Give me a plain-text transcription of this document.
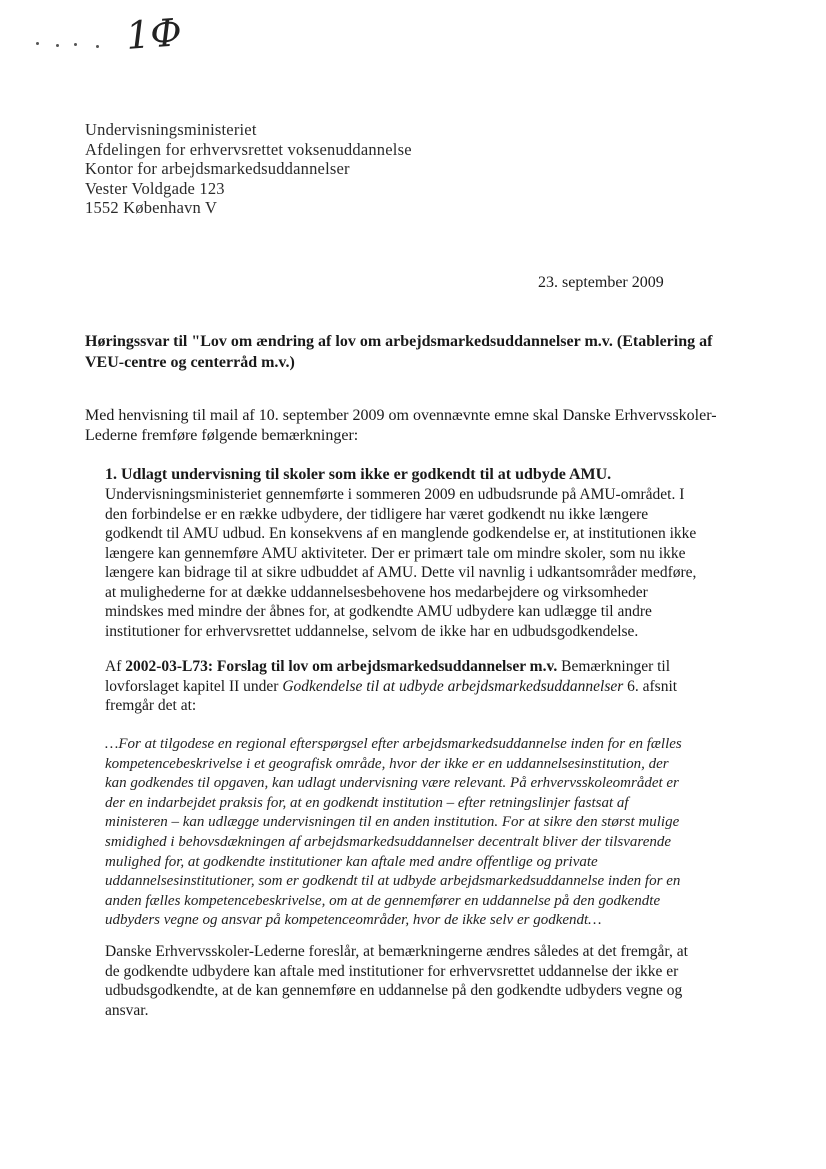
1Ф
Undervisningsministeriet
Afdelingen for erhvervsrettet voksenuddannelse
Kontor for arbejdsmarkedsuddannelser
Vester Voldgade 123
1552 København V
23. september 2009
Høringssvar til "Lov om ændring af lov om arbejdsmarkedsuddannelser m.v. (Etablering af
VEU-centre og centerråd m.v.)
Med henvisning til mail af 10. september 2009 om ovennævnte emne skal Danske Erhvervsskoler-
Lederne fremføre følgende bemærkninger:
1. Udlagt undervisning til skoler som ikke er godkendt til at udbyde AMU.
Undervisningsministeriet gennemførte i sommeren 2009 en udbudsrunde på AMU-området. I
den forbindelse er en række udbydere, der tidligere har været godkendt nu ikke længere
godkendt til AMU udbud. En konsekvens af en manglende godkendelse er, at institutionen ikke
længere kan gennemføre AMU aktiviteter. Der er primært tale om mindre skoler, som nu ikke
længere kan bidrage til at sikre udbuddet af AMU. Dette vil navnlig i udkantsområder medføre,
at mulighederne for at dække uddannelsesbehovene hos medarbejdere og virksomheder
mindskes med mindre der åbnes for, at godkendte AMU udbydere kan udlægge til andre
institutioner for erhvervsrettet uddannelse, selvom de ikke har en udbudsgodkendelse.
Af 2002-03-L73: Forslag til lov om arbejdsmarkedsuddannelser m.v. Bemærkninger til
lovforslaget kapitel II under Godkendelse til at udbyde arbejdsmarkedsuddannelser 6. afsnit
fremgår det at:
…For at tilgodese en regional efterspørgsel efter arbejdsmarkedsuddannelse inden for en fælles
kompetencebeskrivelse i et geografisk område, hvor der ikke er en uddannelsesinstitution, der
kan godkendes til opgaven, kan udlagt undervisning være relevant. På erhvervsskoleområdet er
der en indarbejdet praksis for, at en godkendt institution – efter retningslinjer fastsat af
ministeren – kan udlægge undervisningen til en anden institution. For at sikre den størst mulige
smidighed i behovsdækningen af arbejdsmarkedsuddannelser decentralt bliver der tilsvarende
mulighed for, at godkendte institutioner kan aftale med andre offentlige og private
uddannelsesinstitutioner, som er godkendt til at udbyde arbejdsmarkedsuddannelse inden for en
anden fælles kompetencebeskrivelse, om at de gennemfører en uddannelse på den godkendte
udbyders vegne og ansvar på kompetenceområder, hvor de ikke selv er godkendt…
Danske Erhvervsskoler-Lederne foreslår, at bemærkningerne ændres således at det fremgår, at
de godkendte udbydere kan aftale med institutioner for erhvervsrettet uddannelse der ikke er
udbudsgodkendte, at de kan gennemføre en uddannelse på den godkendte udbyders vegne og
ansvar.
